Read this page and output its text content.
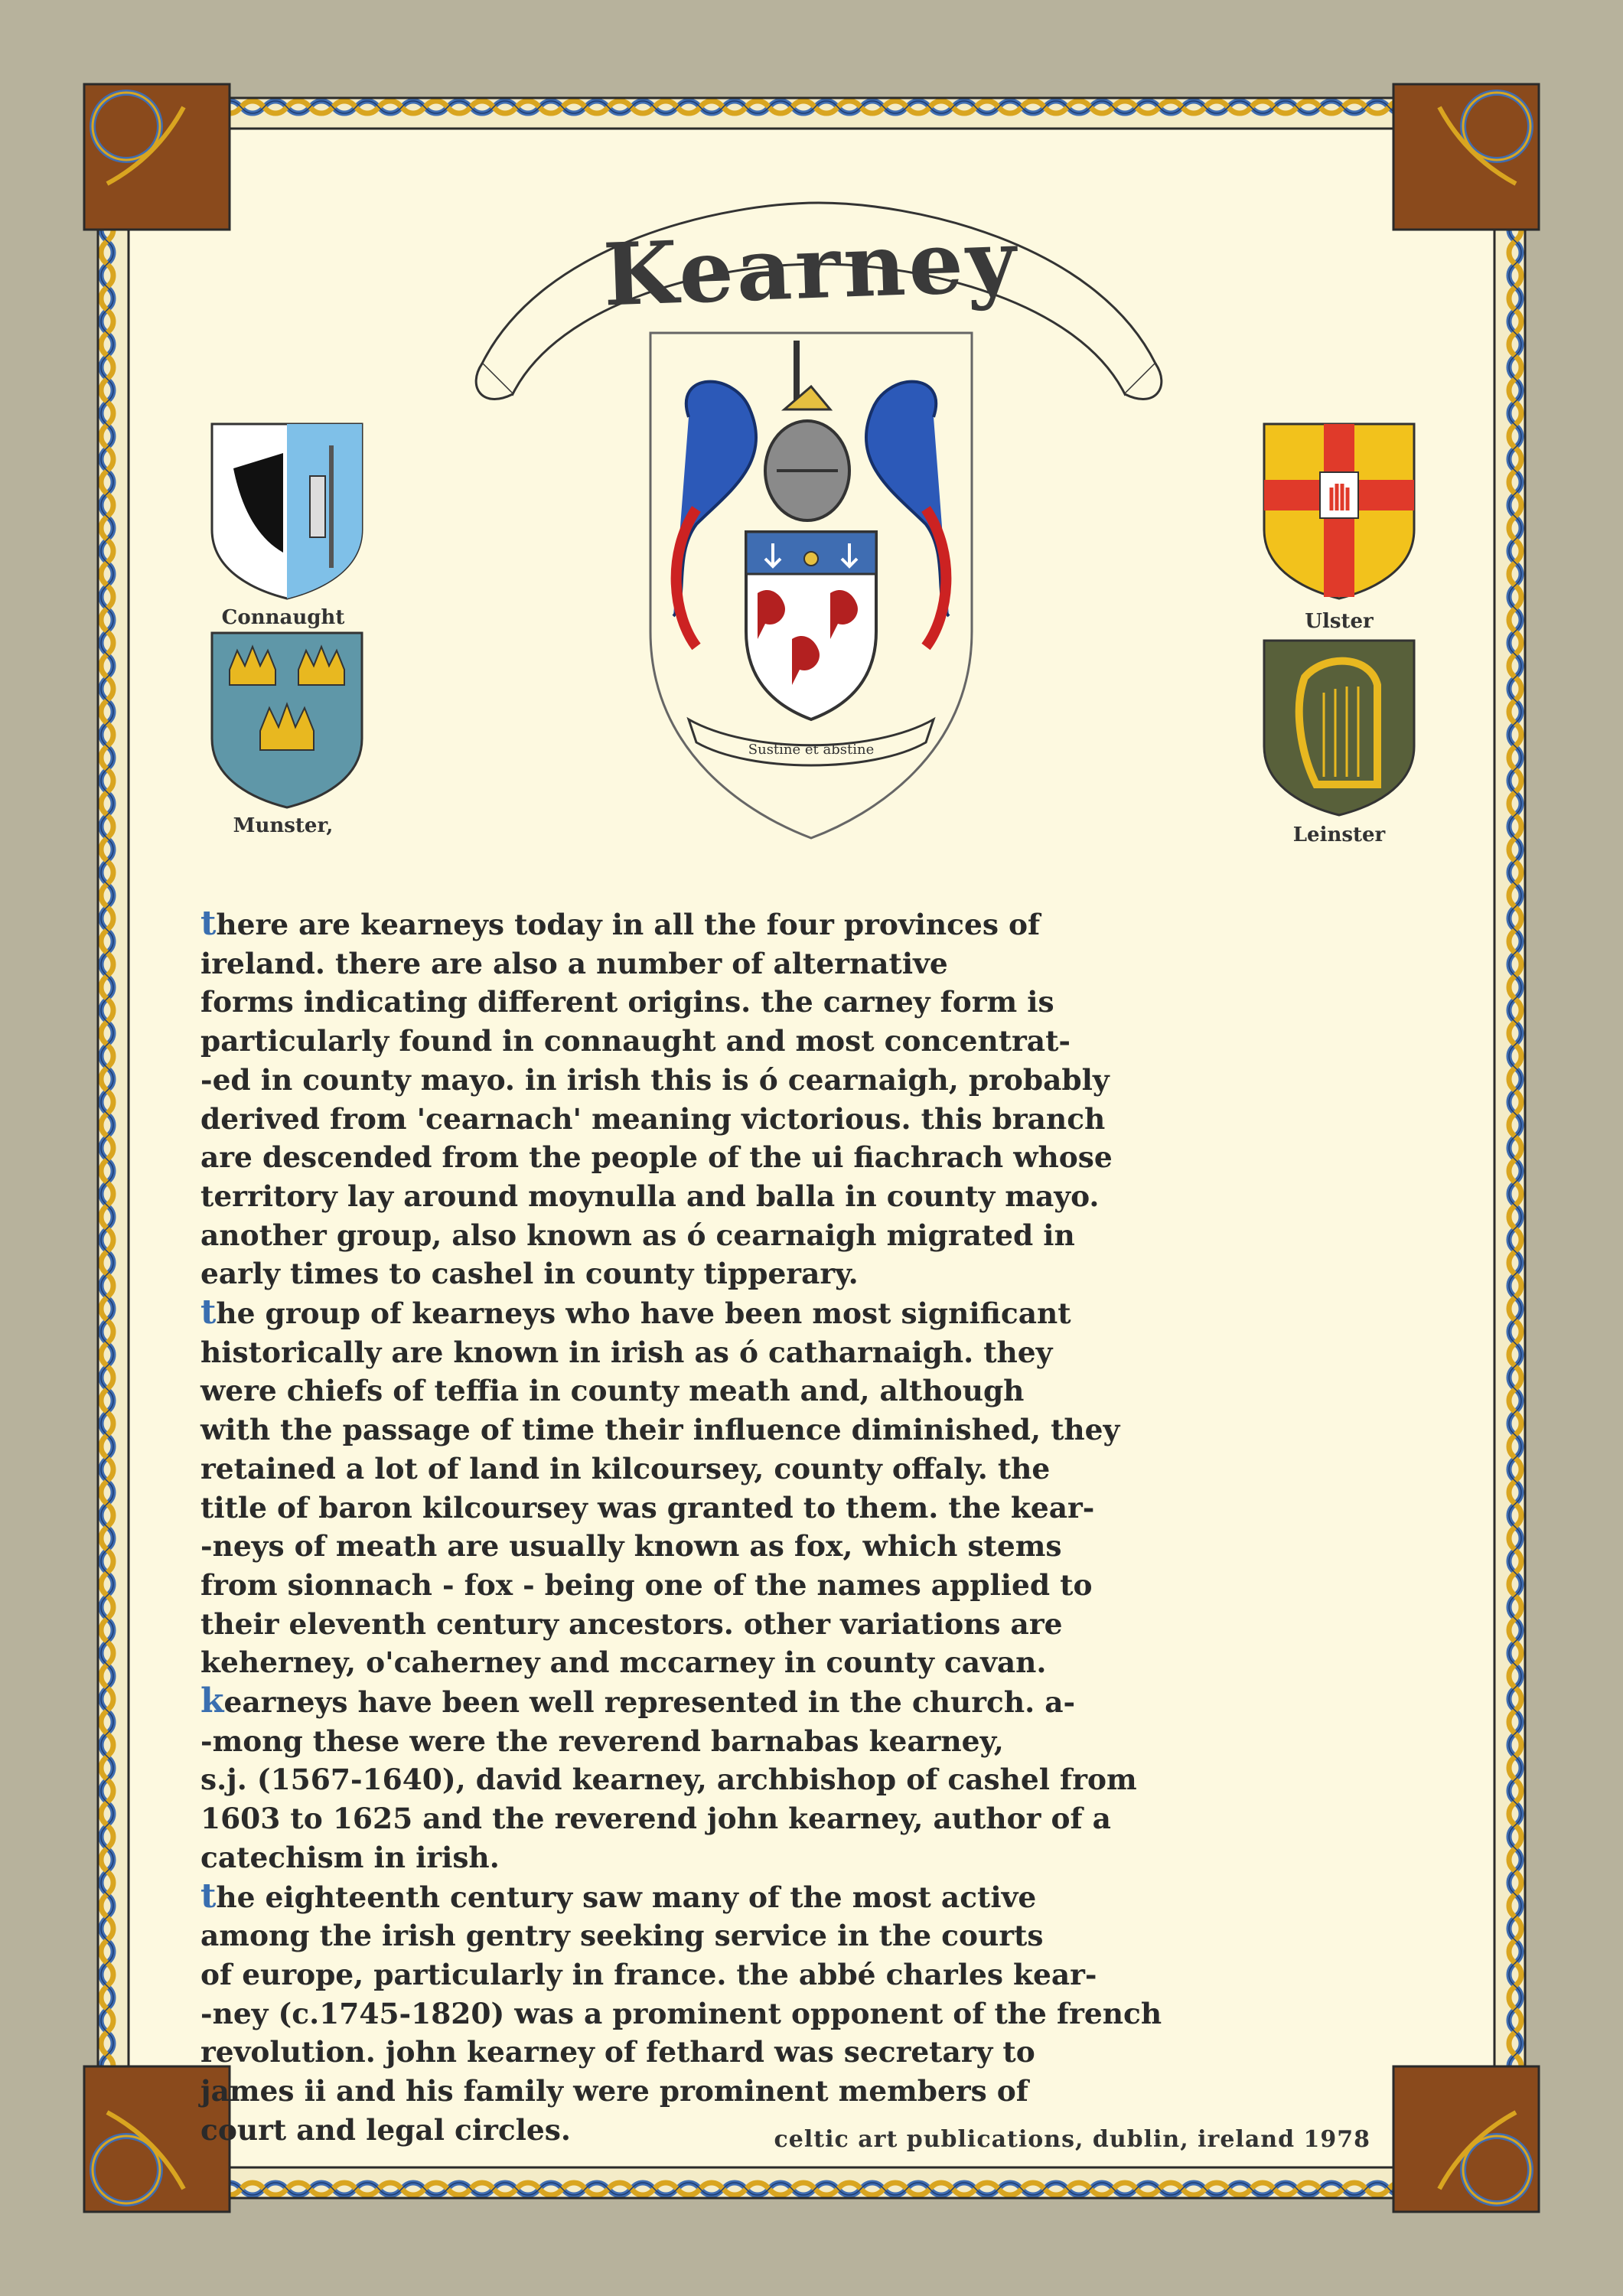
Kearney
Sustine et abstine
Connaught
Munster,
Ulster
Leinster
there are kearneys today in all the four provinces of
ireland. there are also a number of alternative
forms indicating different origins. the carney form is
particularly found in connaught and most concentrat-
-ed in county mayo. in irish this is ó cearnaigh, probably
derived from 'cearnach' meaning victorious. this branch
are descended from the people of the ui fiachrach whose
territory lay around moynulla and balla in county mayo.
another group, also known as ó cearnaigh migrated in
early times to cashel in county tipperary.
the group of kearneys who have been most significant
historically are known in irish as ó catharnaigh. they
were chiefs of teffia in county meath and, although
with the passage of time their influence diminished, they
retained a lot of land in kilcoursey, county offaly. the
title of baron kilcoursey was granted to them. the kear-
-neys of meath are usually known as fox, which stems
from sionnach - fox - being one of the names applied to
their eleventh century ancestors. other variations are
keherney, o'caherney and mccarney in county cavan.
kearneys have been well represented in the church. a-
-mong these were the reverend barnabas kearney,
s.j. (1567-1640), david kearney, archbishop of cashel from
1603 to 1625 and the reverend john kearney, author of a
catechism in irish.
the eighteenth century saw many of the most active
among the irish gentry seeking service in the courts
of europe, particularly in france. the abbé charles kear-
-ney (c.1745-1820) was a prominent opponent of the french
revolution. john kearney of fethard was secretary to
james ii and his family were prominent members of
court and legal circles.	celtic art publications, dublin, ireland 1978
